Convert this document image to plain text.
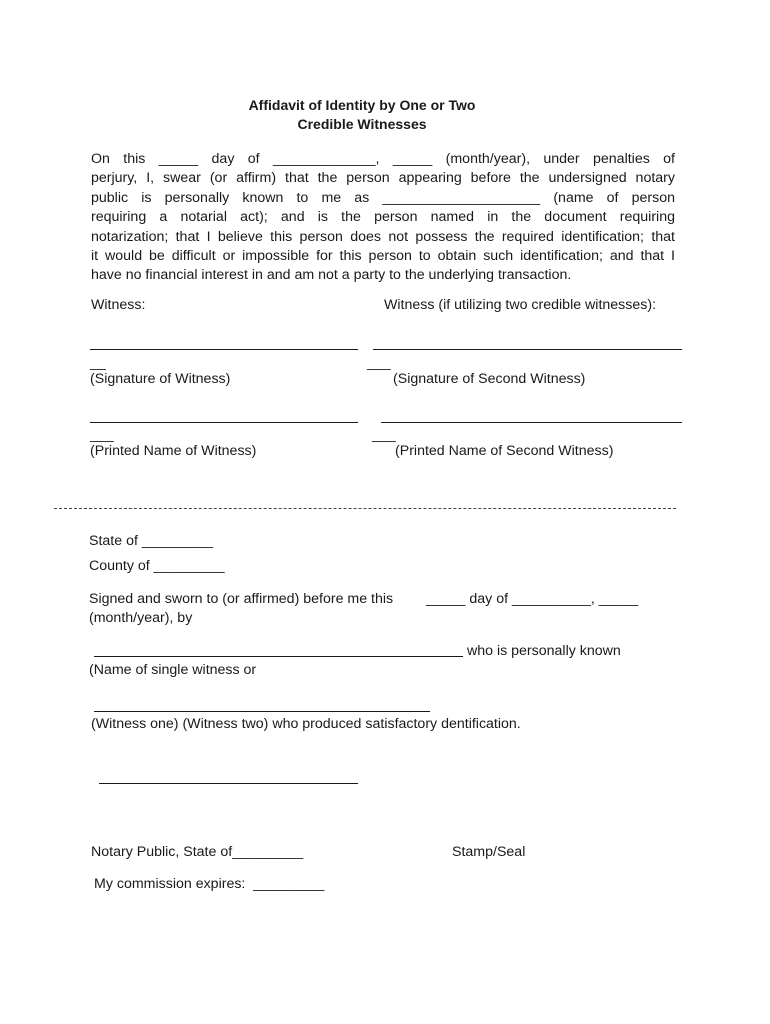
Affidavit of Identity by One or Two
Credible Witnesses
On this _____ day of _____________, _____ (month/year), under penalties of
perjury, I, swear (or affirm) that the person appearing before the undersigned notary
public is personally known to me as ____________________ (name of person
requiring a notarial act); and is the person named in the document requiring
notarization; that I believe this person does not possess the required identification; that
it would be difficult or impossible for this person to obtain such identification; and that I
have no financial interest in and am not a party to the underlying transaction.
Witness:	Witness (if utilizing two credible witnesses):
__	___
(Signature of Witness)	(Signature of Second Witness)
___	___
(Printed Name of Witness)	(Printed Name of Second Witness)
State of _________
County of _________
Signed and sworn to (or affirmed) before me this _____ day of __________, _____
(month/year), by
who is personally known
(Name of single witness or
(Witness one) (Witness two) who produced satisfactory dentification.
Notary Public, State of_________	Stamp/Seal
My commission expires:  _________
